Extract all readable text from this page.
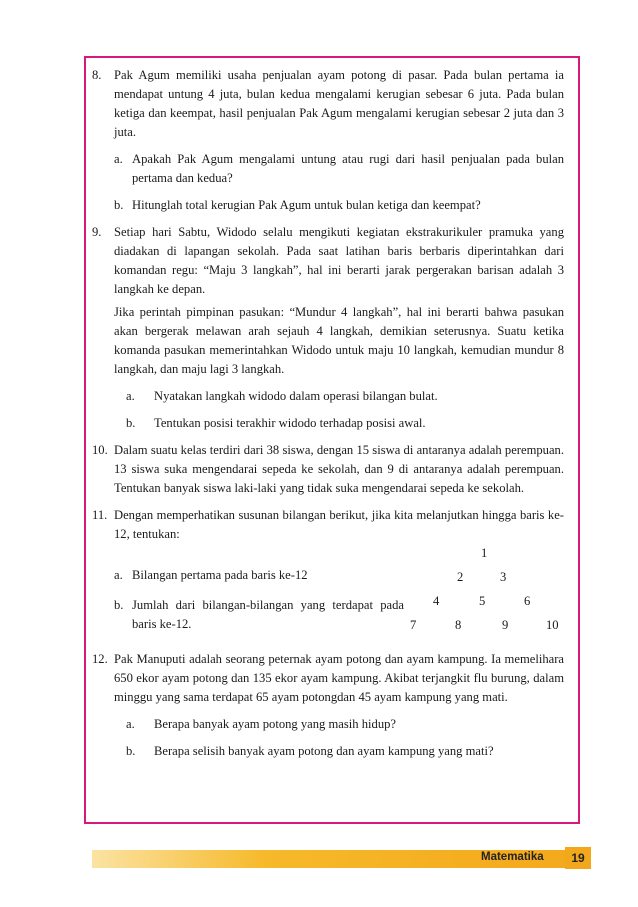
8. Pak Agum memiliki usaha penjualan ayam potong di pasar. Pada bulan pertama ia mendapat untung 4 juta, bulan kedua mengalami kerugian sebesar 6 juta. Pada bulan ketiga dan keempat, hasil penjualan Pak Agum mengalami kerugian sebesar 2 juta dan 3 juta.

a. Apakah Pak Agum mengalami untung atau rugi dari hasil penjualan pada bulan pertama dan kedua?
b. Hitunglah total kerugian Pak Agum untuk bulan ketiga dan keempat?
9. Setiap hari Sabtu, Widodo selalu mengikuti kegiatan ekstrakurikuler pramuka yang diadakan di lapangan sekolah. Pada saat latihan baris berbaris diperintahkan dari komandan regu: “Maju 3 langkah”, hal ini berarti jarak pergerakan barisan adalah 3 langkah ke depan.

Jika perintah pimpinan pasukan: “Mundur 4 langkah”, hal ini berarti bahwa pasukan akan bergerak melawan arah sejauh 4 langkah, demikian seterusnya. Suatu ketika komanda pasukan memerintahkan Widodo untuk maju 10 langkah, kemudian mundur 8 langkah, dan maju lagi 3 langkah.

a. Nyatakan langkah widodo dalam operasi bilangan bulat.
b. Tentukan posisi terakhir widodo terhadap posisi awal.
10. Dalam suatu kelas terdiri dari 38 siswa, dengan 15 siswa di antaranya adalah perempuan. 13 siswa suka mengendarai sepeda ke sekolah, dan 9 di antaranya adalah perempuan. Tentukan banyak siswa laki-laki yang tidak suka mengendarai sepeda ke sekolah.

11. Dengan memperhatikan susunan bilangan berikut, jika kita melanjutkan hingga baris ke-12, tentukan:

a. Bilangan pertama pada baris ke-12
b. Jumlah dari bilangan-bilangan yang terdapat pada baris ke-12.
1
2	3
4	5	6
7	8	9	10
12. Pak Manuputi adalah seorang peternak ayam potong dan ayam kampung. Ia memelihara 650 ekor ayam potong dan 135 ekor ayam kampung. Akibat terjangkit flu burung, dalam minggu yang sama terdapat 65 ayam potongdan 45 ayam kampung yang mati.

a. Berapa banyak ayam potong yang masih hidup?
b. Berapa selisih banyak ayam potong dan ayam kampung yang mati?
Matematika	19
